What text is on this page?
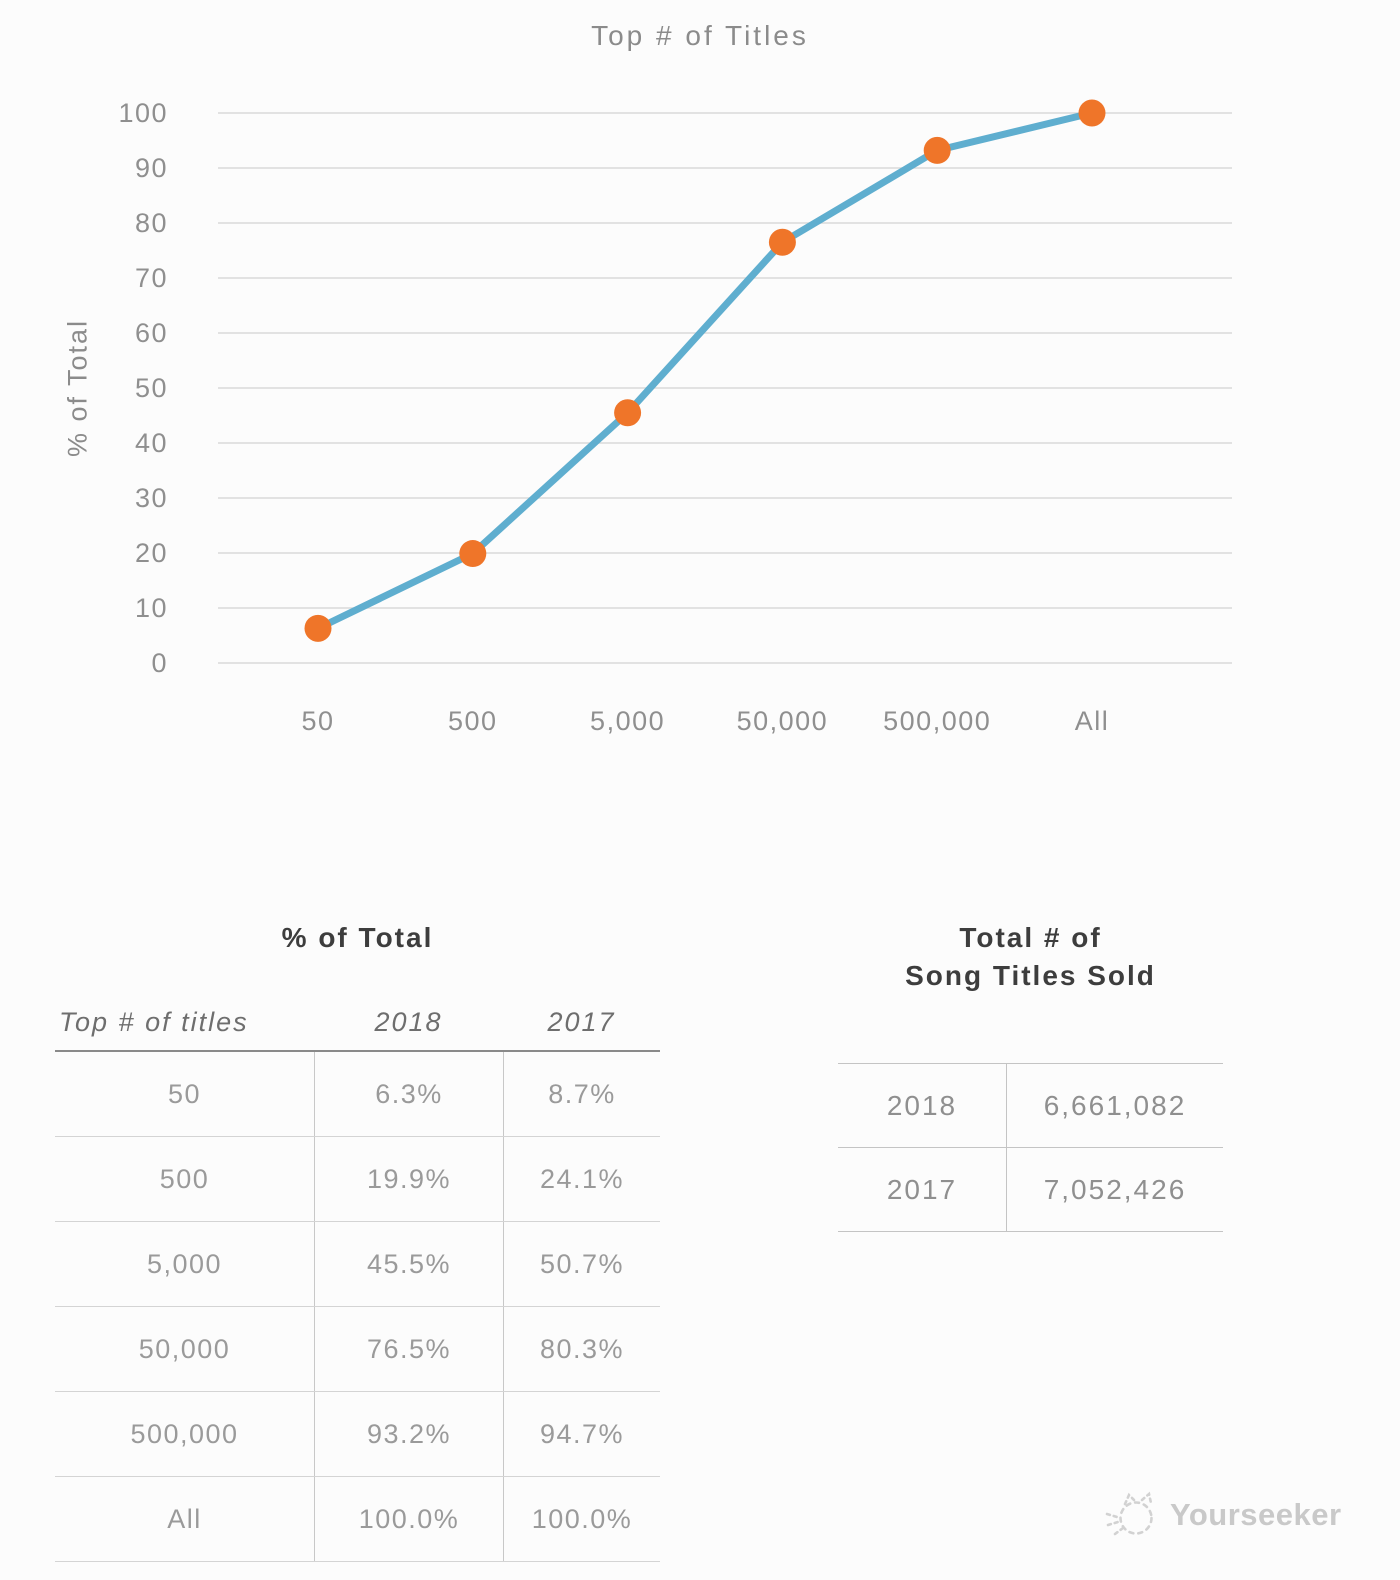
Top # of Titles
% of Total
0
10
20
30
40
50
60
70
80
90
100
50	500	5,000	50,000 500,000	All
% of Total
Top # of titles	2018	2017
50	6.3%	8.7%
500	19.9%	24.1%
5,000	45.5%	50.7%
50,000	76.5%	80.3%
500,000	93.2%	94.7%
All	100.0%	100.0%
Total # of
Song Titles Sold
2018	6,661,082
2017	7,052,426
Yourseeker
